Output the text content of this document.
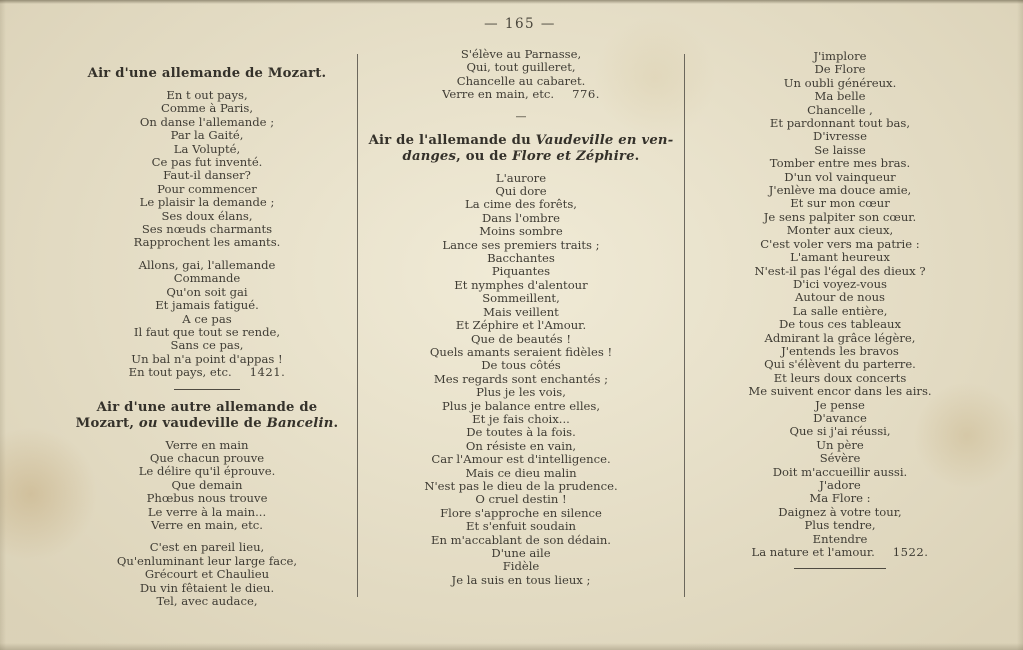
— 165 —
Air d'une allemande de Mozart.
En t out pays,
Comme à Paris,
On danse l'allemande ;
Par la Gaité,
La Volupté,
Ce pas fut inventé.
Faut-il danser?
Pour commencer
Le plaisir la demande ;
Ses doux élans,
Ses nœuds charmants
Rapprochent les amants.
Allons, gai, l'allemande
Commande
Qu'on soit gai
Et jamais fatigué.
A ce pas
Il faut que tout se rende,
Sans ce pas,
Un bal n'a point d'appas !
En tout pays, etc. 1421.
Air d'une autre allemande de Mozart, ou vaudeville de Bancelin.
Verre en main
Que chacun prouve
Le délire qu'il éprouve.
Que demain
Phœbus nous trouve
Le verre à la main...
Verre en main, etc.
C'est en pareil lieu,
Qu'enluminant leur large face,
Grécourt et Chaulieu
Du vin fêtaient le dieu.
Tel, avec audace,
S'élève au Parnasse,
Qui, tout guilleret,
Chancelle au cabaret.
Verre en main, etc. 776.
—
Air de l'allemande du Vaudeville en ven-danges, ou de Flore et Zéphire.
L'aurore
Qui dore
La cime des forêts,
Dans l'ombre
Moins sombre
Lance ses premiers traits ;
Bacchantes
Piquantes
Et nymphes d'alentour
Sommeillent,
Mais veillent
Et Zéphire et l'Amour.
Que de beautés !
Quels amants seraient fidèles !
De tous côtés
Mes regards sont enchantés ;
Plus je les vois,
Plus je balance entre elles,
Et je fais choix...
De toutes à la fois.
On résiste en vain,
Car l'Amour est d'intelligence.
Mais ce dieu malin
N'est pas le dieu de la prudence.
O cruel destin !
Flore s'approche en silence
Et s'enfuit soudain
En m'accablant de son dédain.
D'une aile
Fidèle
Je la suis en tous lieux ;
J'implore
De Flore
Un oubli généreux.
Ma belle
Chancelle ,
Et pardonnant tout bas,
D'ivresse
Se laisse
Tomber entre mes bras.
D'un vol vainqueur
J'enlève ma douce amie,
Et sur mon cœur
Je sens palpiter son cœur.
Monter aux cieux,
C'est voler vers ma patrie :
L'amant heureux
N'est-il pas l'égal des dieux ?
D'ici voyez-vous
Autour de nous
La salle entière,
De tous ces tableaux
Admirant la grâce légère,
J'entends les bravos
Qui s'élèvent du parterre.
Et leurs doux concerts
Me suivent encor dans les airs.
Je pense
D'avance
Que si j'ai réussi,
Un père
Sévère
Doit m'accueillir aussi.
J'adore
Ma Flore :
Daignez à votre tour,
Plus tendre,
Entendre
La nature et l'amour. 1522.
